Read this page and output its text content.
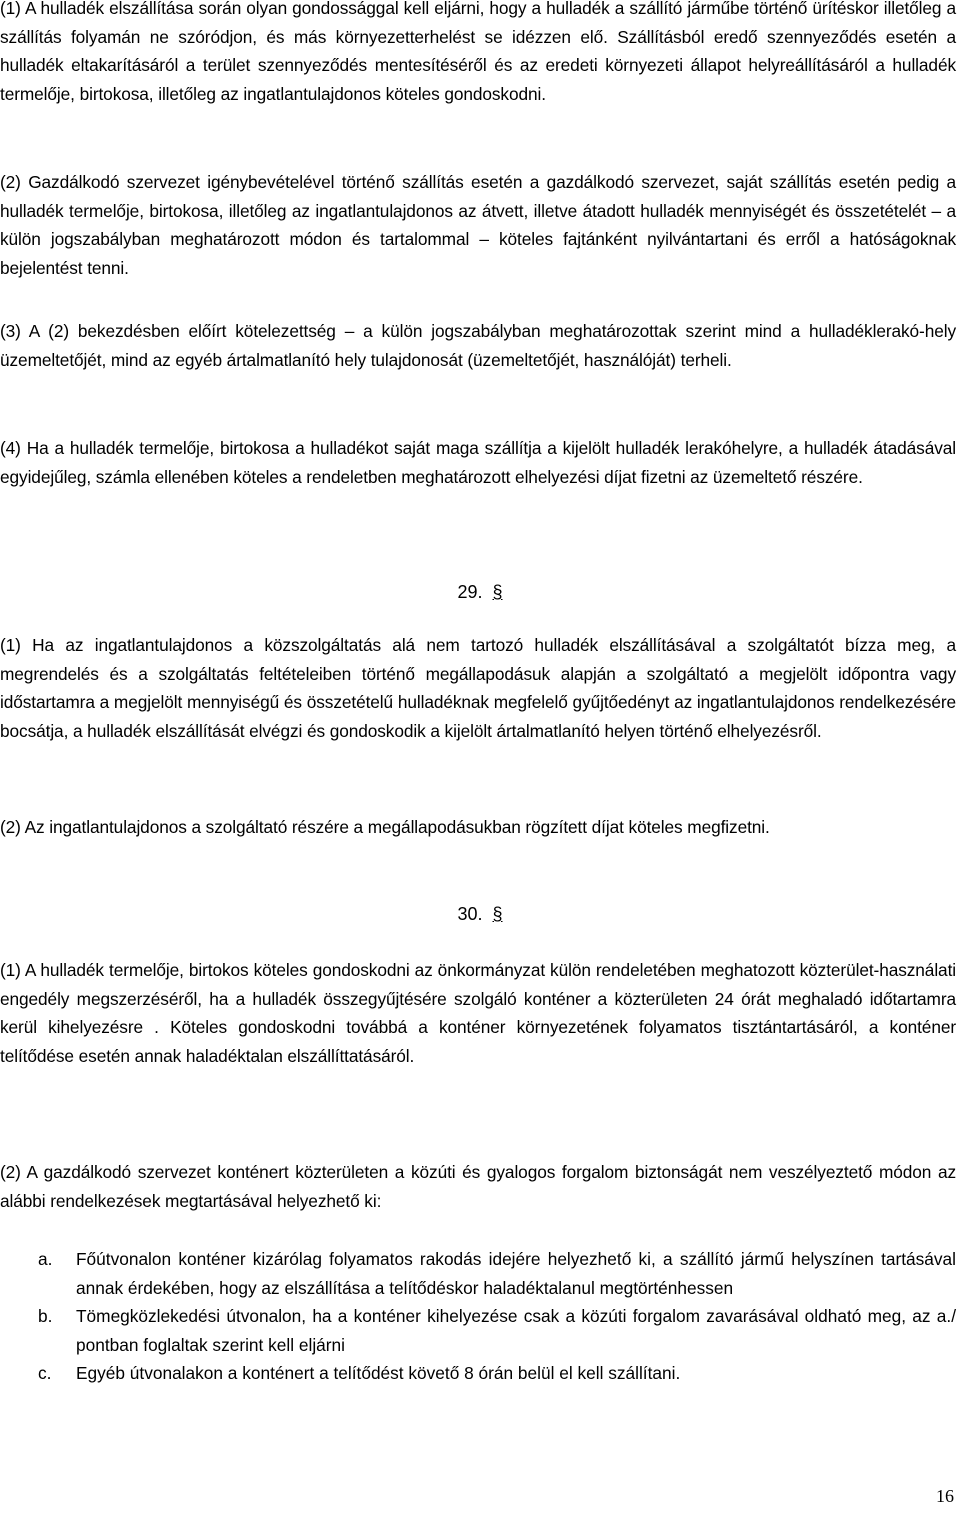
(1) A hulladék elszállítása során olyan gondossággal kell eljárni, hogy a hulladék a szállító járműbe történő ürítéskor illetőleg a szállítás folyamán ne szóródjon, és más környezetterhelést se idézzen elő. Szállításból eredő szennyeződés esetén a hulladék eltakarításáról a terület szennyeződés mentesítéséről és az eredeti környezeti állapot helyreállításáról a hulladék termelője, birtokosa, illetőleg az ingatlantulajdonos köteles gondoskodni.

(2) Gazdálkodó szervezet igénybevételével történő szállítás esetén a gazdálkodó szervezet, saját szállítás esetén pedig a hulladék termelője, birtokosa, illetőleg az ingatlantulajdonos az átvett, illetve átadott hulladék mennyiségét és összetételét – a külön jogszabályban meghatározott módon és tartalommal – köteles fajtánként nyilvántartani és erről a hatóságoknak bejelentést tenni.

(3) A (2) bekezdésben előírt kötelezettség – a külön jogszabályban meghatározottak szerint mind a hulladéklerakó-hely üzemeltetőjét, mind az egyéb ártalmatlanító hely tulajdonosát (üzemeltetőjét, használóját) terheli.

(4) Ha a hulladék termelője, birtokosa a hulladékot saját maga szállítja a kijelölt hulladék lerakóhelyre, a hulladék átadásával egyidejűleg, számla ellenében köteles a rendeletben meghatározott elhelyezési díjat fizetni az üzemeltető részére.

29. §

(1) Ha az ingatlantulajdonos a közszolgáltatás alá nem tartozó hulladék elszállításával a szolgáltatót bízza meg, a megrendelés és a szolgáltatás feltételeiben történő megállapodásuk alapján a szolgáltató a megjelölt időpontra vagy időstartamra a megjelölt mennyiségű és összetételű hulladéknak megfelelő gyűjtőedényt az ingatlantulajdonos rendelkezésére bocsátja, a hulladék elszállítását elvégzi és gondoskodik a kijelölt ártalmatlanító helyen történő elhelyezésről.

(2) Az ingatlantulajdonos a szolgáltató részére a megállapodásukban rögzített díjat köteles megfizetni.

30. §

(1) A hulladék termelője, birtokos köteles gondoskodni az önkormányzat külön rendeletében meghatozott közterület-használati engedély megszerzéséről, ha a hulladék összegyűjtésére szolgáló konténer a közterületen 24 órát meghaladó időtartamra kerül kihelyezésre . Köteles gondoskodni továbbá a konténer környezetének folyamatos tisztántartásáról, a konténer telítődése esetén annak haladéktalan elszállíttatásáról.

(2) A gazdálkodó szervezet konténert közterületen a közúti és gyalogos forgalom biztonságát nem veszélyeztető módon az alábbi rendelkezések megtartásával helyezhető ki:

a. Főútvonalon konténer kizárólag folyamatos rakodás idejére helyezhető ki, a szállító jármű helyszínen tartásával annak érdekében, hogy az elszállítása a telítődéskor haladéktalanul megtörténhessen
b. Tömegközlekedési útvonalon, ha a konténer kihelyezése csak a közúti forgalom zavarásával oldható meg, az a./ pontban foglaltak szerint kell eljárni
c. Egyéb útvonalakon a konténert a telítődést követő 8 órán belül el kell szállítani.
16
